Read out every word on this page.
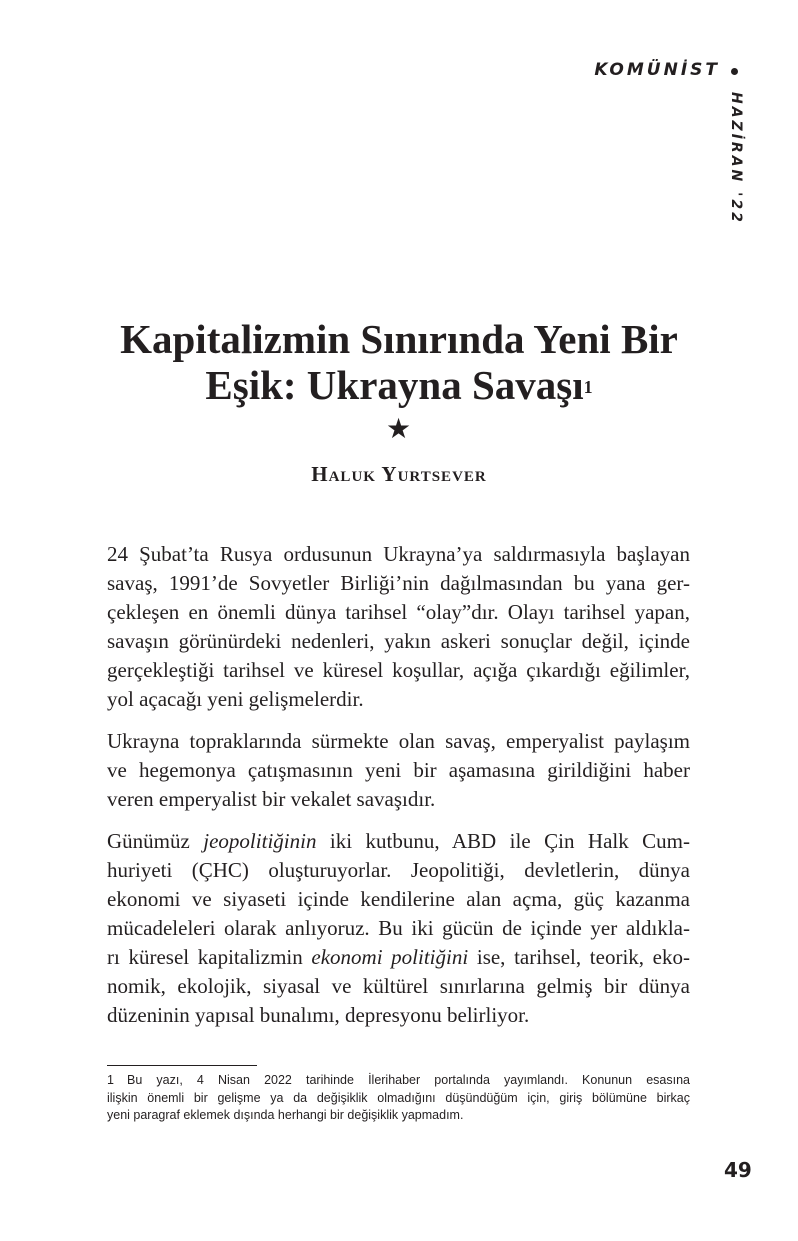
KOMÜNİST
HAZİRAN '22
Kapitalizmin Sınırında Yeni Bir
Eşik: Ukrayna Savaşı$^1$
★
Haluk Yurtsever
24 Şubat’ta Rusya ordusunun Ukrayna’ya saldırmasıyla başlayan
savaş, 1991’de Sovyetler Birliği’nin dağılmasından bu yana ger-
çekleşen en önemli dünya tarihsel “olay”dır. Olayı tarihsel yapan,
savaşın görünürdeki nedenleri, yakın askeri sonuçlar değil, içinde
gerçekleştiği tarihsel ve küresel koşullar, açığa çıkardığı eğilimler,
yol açacağı yeni gelişmelerdir.
Ukrayna topraklarında sürmekte olan savaş, emperyalist paylaşım
ve hegemonya çatışmasının yeni bir aşamasına girildiğini haber
veren emperyalist bir vekalet savaşıdır.
Günümüz jeopolitiğinin iki kutbunu, ABD ile Çin Halk Cum-
huriyeti (ÇHC) oluşturuyorlar. Jeopolitiği, devletlerin, dünya
ekonomi ve siyaseti içinde kendilerine alan açma, güç kazanma
mücadeleleri olarak anlıyoruz. Bu iki gücün de içinde yer aldıkla-
rı küresel kapitalizmin ekonomi politiğini ise, tarihsel, teorik, eko-
nomik, ekolojik, siyasal ve kültürel sınırlarına gelmiş bir dünya
düzeninin yapısal bunalımı, depresyonu belirliyor.
1 Bu yazı, 4 Nisan 2022 tarihinde İlerihaber portalında yayımlandı. Konunun esasına
ilişkin önemli bir gelişme ya da değişiklik olmadığını düşündüğüm için, giriş bölümüne birkaç
yeni paragraf eklemek dışında herhangi bir değişiklik yapmadım.
49
